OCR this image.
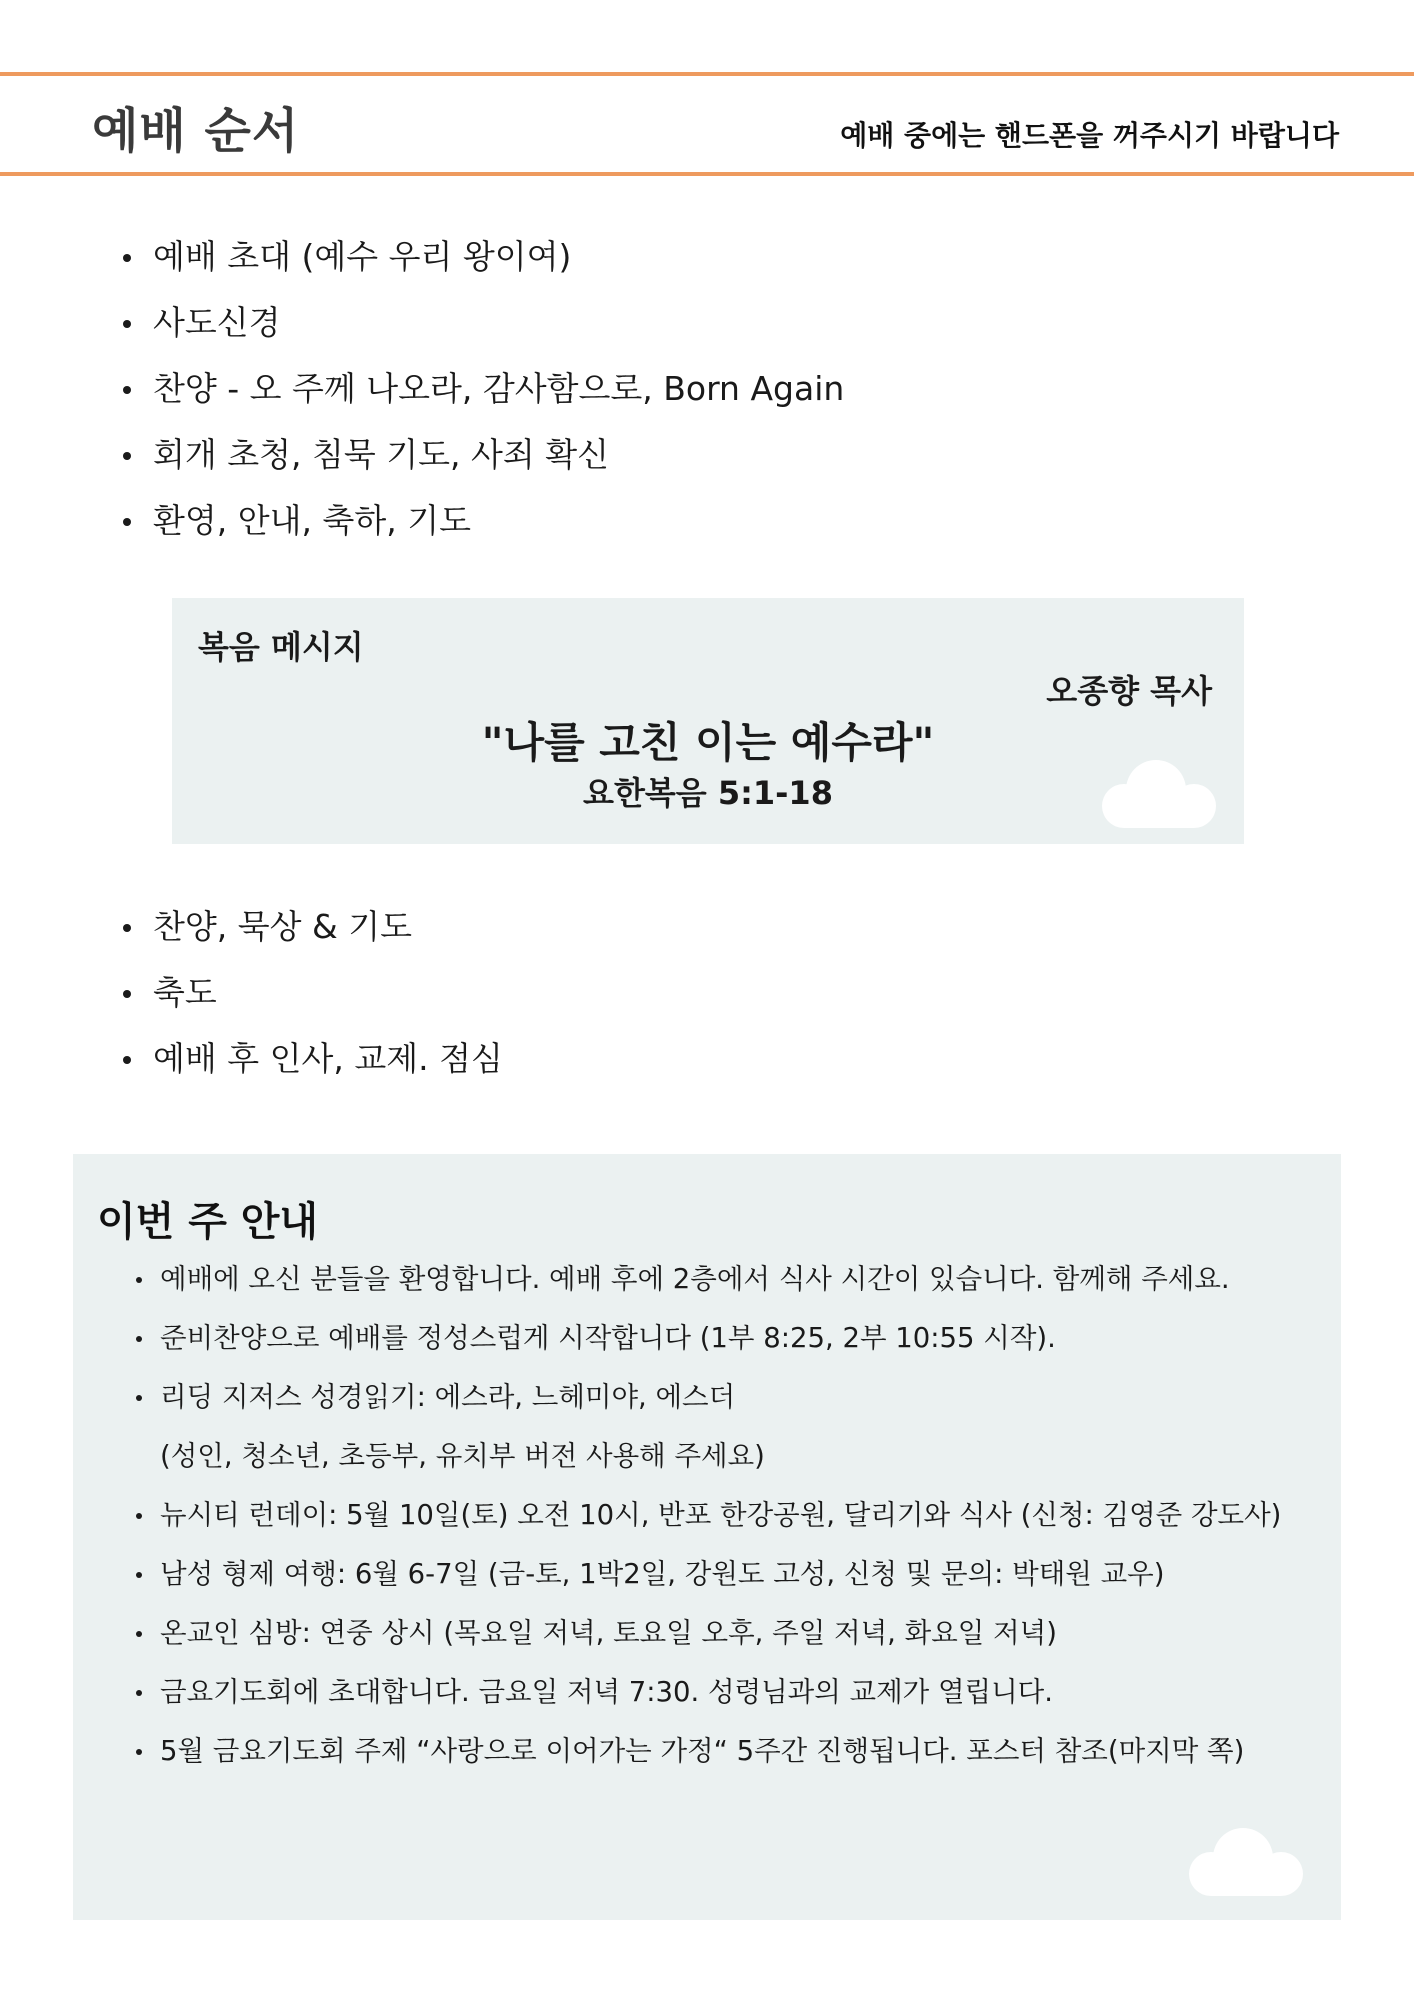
예배 순서	예배 중에는 핸드폰을 꺼주시기 바랍니다
예배 초대 (예수 우리 왕이여)
사도신경
찬양 - 오 주께 나오라, 감사함으로, Born Again
회개 초청, 침묵 기도, 사죄 확신
환영, 안내, 축하, 기도
복음 메시지
오종향 목사
"나를 고친 이는 예수라"
요한복음 5:1-18
찬양, 묵상 & 기도
축도
예배 후 인사, 교제. 점심
이번 주 안내
예배에 오신 분들을 환영합니다. 예배 후에 2층에서 식사 시간이 있습니다. 함께해 주세요.
준비찬양으로 예배를 정성스럽게 시작합니다 (1부 8:25, 2부 10:55 시작).
리딩 지저스 성경읽기: 에스라, 느헤미야, 에스더
(성인, 청소년, 초등부, 유치부 버전 사용해 주세요)
뉴시티 런데이: 5월 10일(토) 오전 10시, 반포 한강공원, 달리기와 식사 (신청: 김영준 강도사)
남성 형제 여행: 6월 6-7일 (금-토, 1박2일, 강원도 고성, 신청 및 문의: 박태원 교우)
온교인 심방: 연중 상시 (목요일 저녁, 토요일 오후, 주일 저녁, 화요일 저녁)
금요기도회에 초대합니다. 금요일 저녁 7:30. 성령님과의 교제가 열립니다.
5월 금요기도회 주제 “사랑으로 이어가는 가정“ 5주간 진행됩니다. 포스터 참조(마지막 쪽)
